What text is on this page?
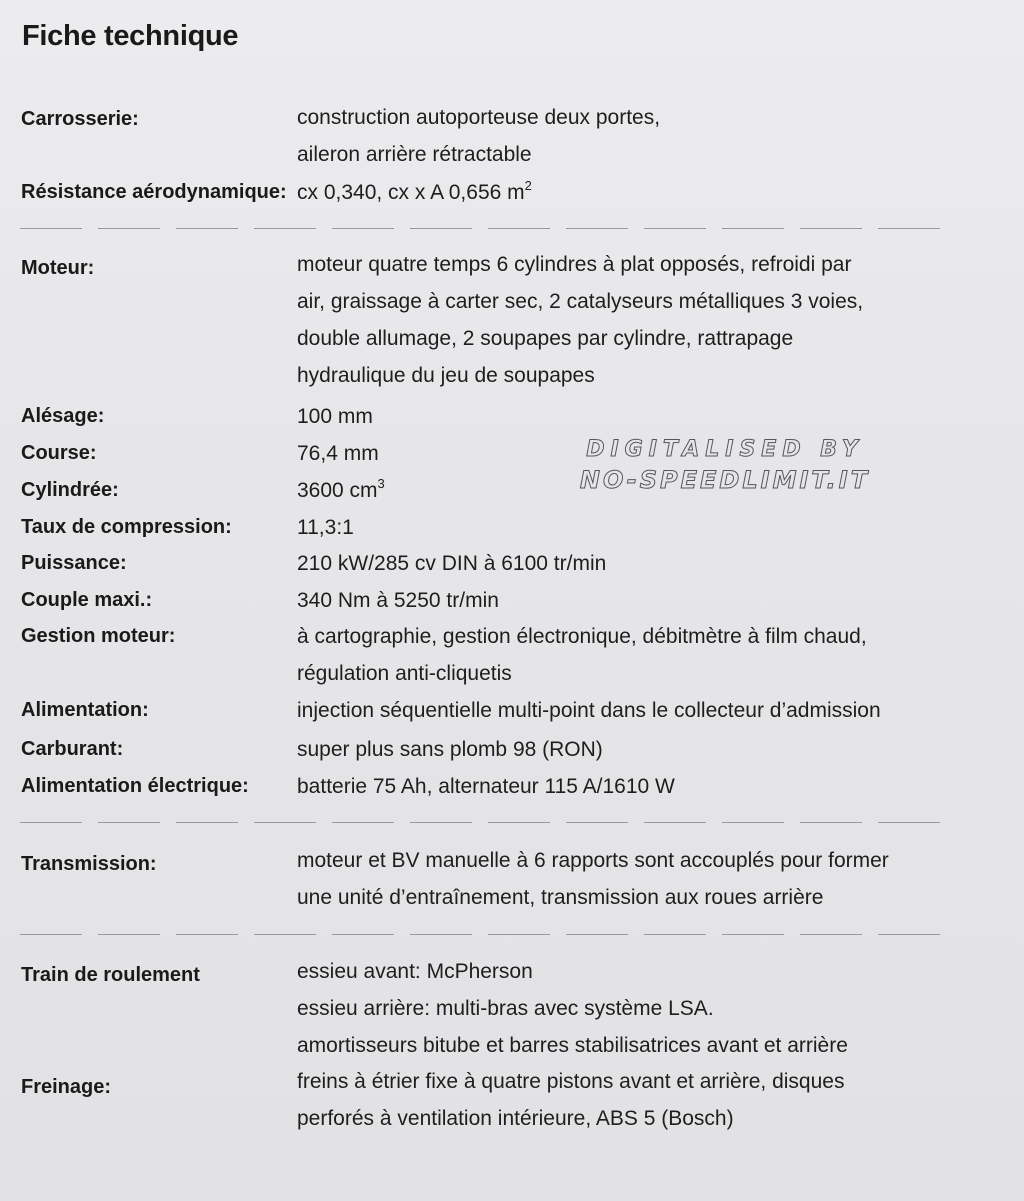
Fiche technique
Carrosserie:	construction autoporteuse deux portes,
aileron arrière rétractable
Résistance aérodynamique: cx 0,340, cx x A 0,656 $m^2$
Moteur:	moteur quatre temps 6 cylindres à plat opposés, refroidi par
air, graissage à carter sec, 2 catalyseurs métalliques 3 voies,
double allumage, 2 soupapes par cylindre, rattrapage
hydraulique du jeu de soupapes
Alésage:	100 mm
Course:	76,4 mm
Cylindrée:	3600 $cm^3$
Taux de compression:	11,3:1
Puissance:	210 kW/285 cv DIN à 6100 tr/min
Couple maxi.:	340 Nm à 5250 tr/min
Gestion moteur:	à cartographie, gestion électronique, débitmètre à film chaud,
régulation anti-cliquetis
Alimentation:	injection séquentielle multi-point dans le collecteur d’admission
Carburant:	super plus sans plomb 98 (RON)
Alimentation électrique: batterie 75 Ah, alternateur 115 A/1610 W
Transmission:	moteur et BV manuelle à 6 rapports sont accouplés pour former
une unité d’entraînement, transmission aux roues arrière
Train de roulement	essieu avant: McPherson
essieu arrière: multi-bras avec système LSA.
amortisseurs bitube et barres stabilisatrices avant et arrière
Freinage:	freins à étrier fixe à quatre pistons avant et arrière, disques
perforés à ventilation intérieure, ABS 5 (Bosch)
DIGITALISED BY
NO-SPEEDLIMIT.IT
